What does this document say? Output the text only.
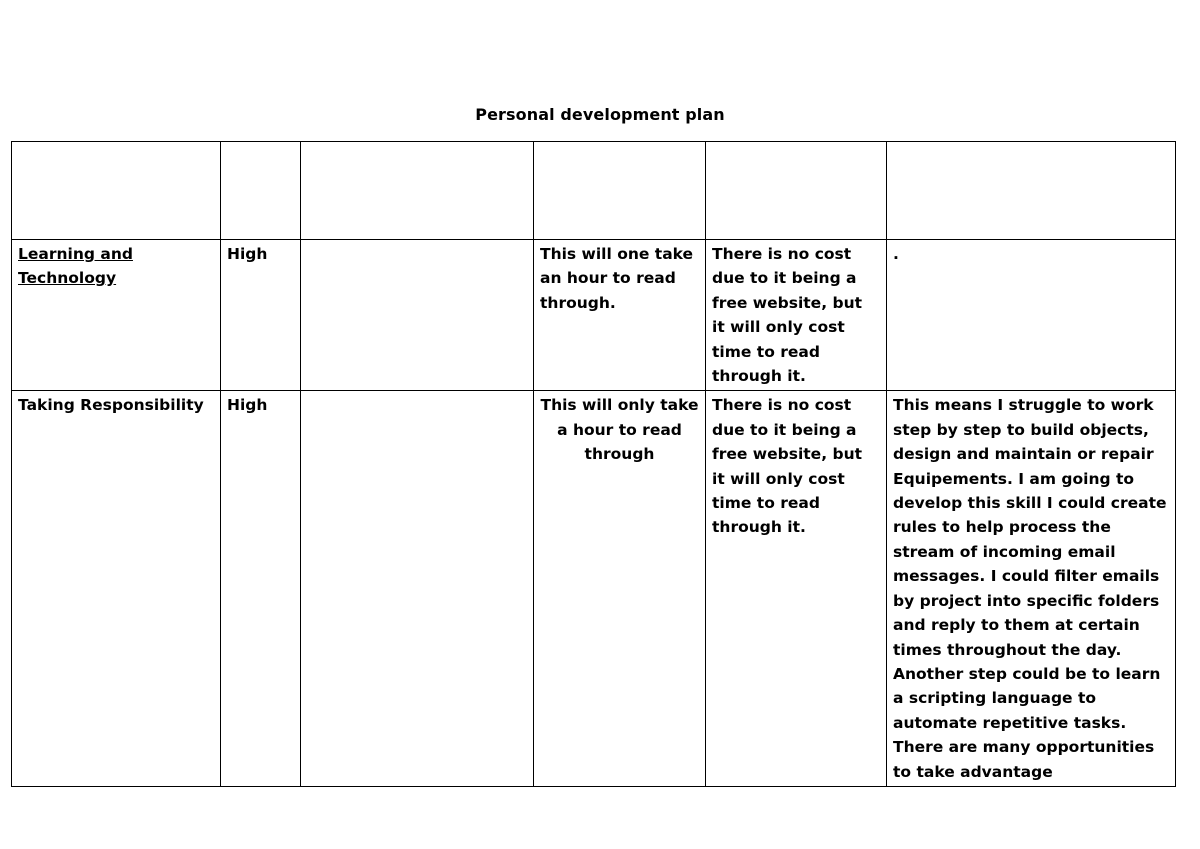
Personal development plan

Learning and Technology	High		This will one take an hour to read through.	There is no cost due to it being a free website, but it will only cost time to read through it.	.
Taking Responsibility	High		This will only take a hour to read through	There is no cost due to it being a free website, but it will only cost time to read through it.	This means I struggle to work step by step to build objects, design and maintain or repair Equipements. I am going to develop this skill I could create rules to help process the stream of incoming email messages. I could filter emails by project into specific folders and reply to them at certain times throughout the day. Another step could be to learn a scripting language to automate repetitive tasks. There are many opportunities to take advantage
